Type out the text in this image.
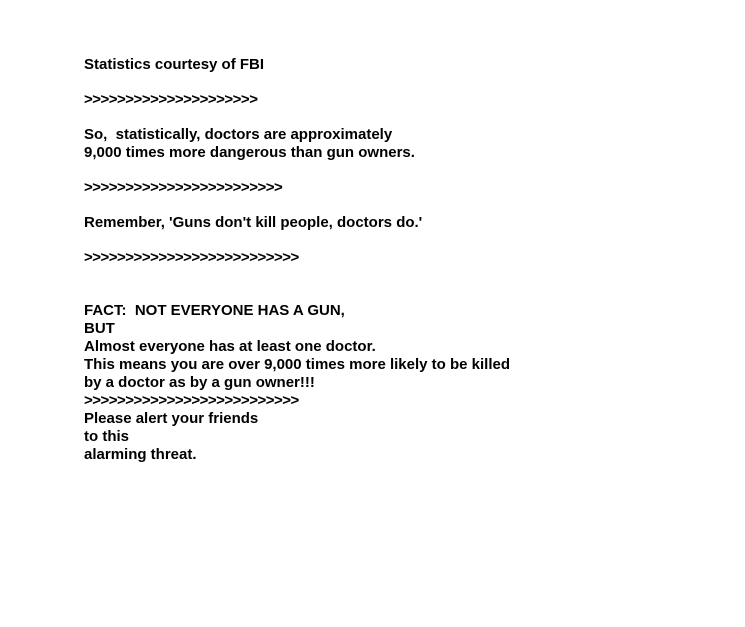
Statistics courtesy of FBI
>>>>>>>>>>>>>>>>>>>>>
So,  statistically, doctors are approximately
9,000 times more dangerous than gun owners.
>>>>>>>>>>>>>>>>>>>>>>>>
Remember, 'Guns don't kill people, doctors do.'
>>>>>>>>>>>>>>>>>>>>>>>>>>
FACT:  NOT EVERYONE HAS A GUN,
BUT
Almost everyone has at least one doctor.
This means you are over 9,000 times more likely to be killed
by a doctor as by a gun owner!!!
>>>>>>>>>>>>>>>>>>>>>>>>>>
Please alert your friends
to this
alarming threat.
